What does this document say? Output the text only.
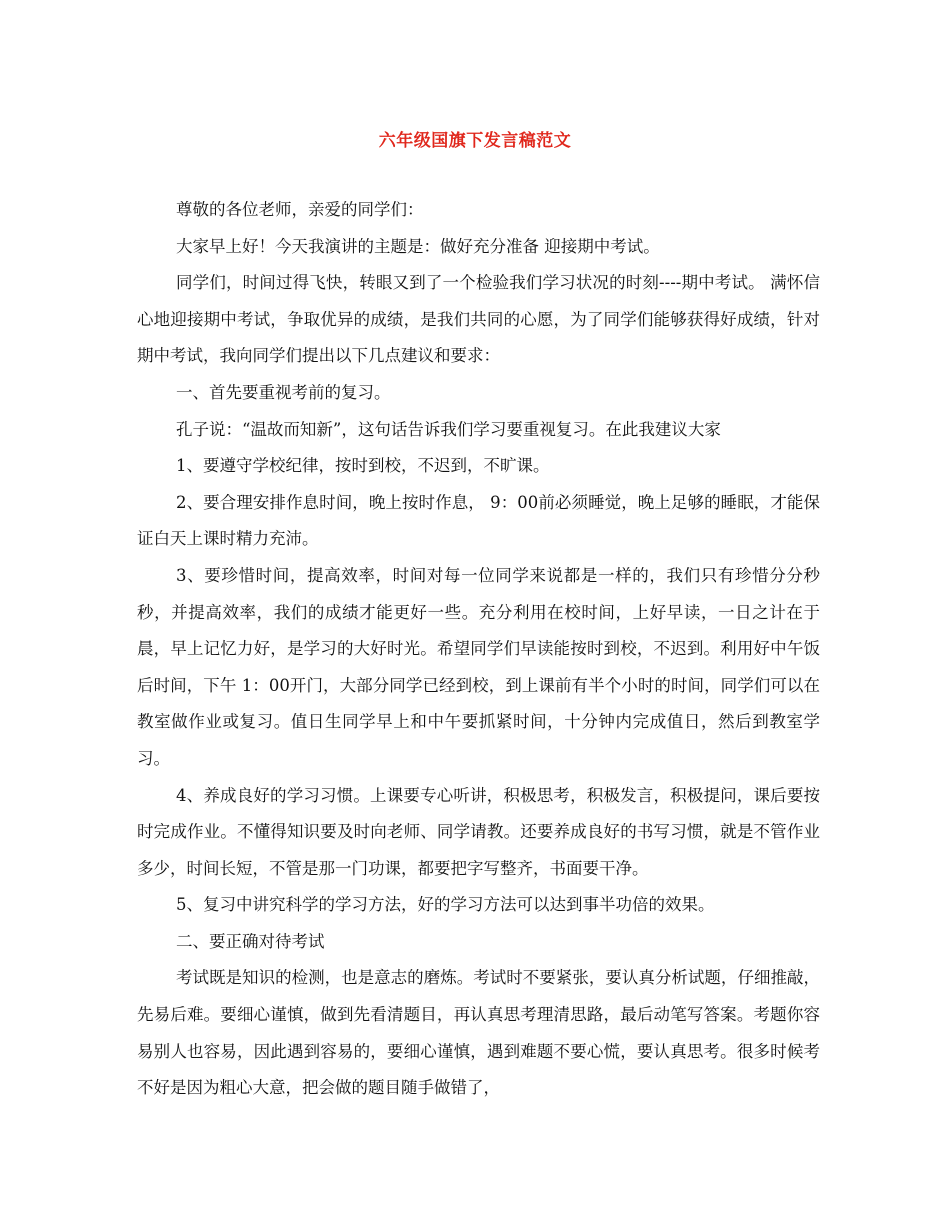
六年级国旗下发言稿范文

尊敬的各位老师，亲爱的同学们：

大家早上好！今天我演讲的主题是：做好充分准备 迎接期中考试。

同学们，时间过得飞快，转眼又到了一个检验我们学习状况的时刻----期中考试。 满怀信心地迎接期中考试，争取优异的成绩，是我们共同的心愿，为了同学们能够获得好成绩，针对期中考试，我向同学们提出以下几点建议和要求：

一、首先要重视考前的复习。

孔子说：“温故而知新”，这句话告诉我们学习要重视复习。在此我建议大家

1、要遵守学校纪律，按时到校，不迟到，不旷课。

2、要合理安排作息时间，晚上按时作息， 9：00前必须睡觉，晚上足够的睡眠，才能保证白天上课时精力充沛。

3、要珍惜时间，提高效率，时间对每一位同学来说都是一样的，我们只有珍惜分分秒秒，并提高效率，我们的成绩才能更好一些。充分利用在校时间，上好早读，一日之计在于晨，早上记忆力好，是学习的大好时光。希望同学们早读能按时到校，不迟到。利用好中午饭后时间，下午 1：00开门，大部分同学已经到校，到上课前有半个小时的时间，同学们可以在教室做作业或复习。值日生同学早上和中午要抓紧时间，十分钟内完成值日，然后到教室学习。

4、养成良好的学习习惯。上课要专心听讲，积极思考，积极发言，积极提问，课后要按时完成作业。不懂得知识要及时向老师、同学请教。还要养成良好的书写习惯，就是不管作业多少，时间长短，不管是那一门功课，都要把字写整齐，书面要干净。

5、复习中讲究科学的学习方法，好的学习方法可以达到事半功倍的效果。

二、要正确对待考试

考试既是知识的检测，也是意志的磨炼。考试时不要紧张，要认真分析试题，仔细推敲，先易后难。要细心谨慎，做到先看清题目，再认真思考理清思路，最后动笔写答案。考题你容易别人也容易，因此遇到容易的，要细心谨慎，遇到难题不要心慌，要认真思考。很多时候考不好是因为粗心大意，把会做的题目随手做错了，
